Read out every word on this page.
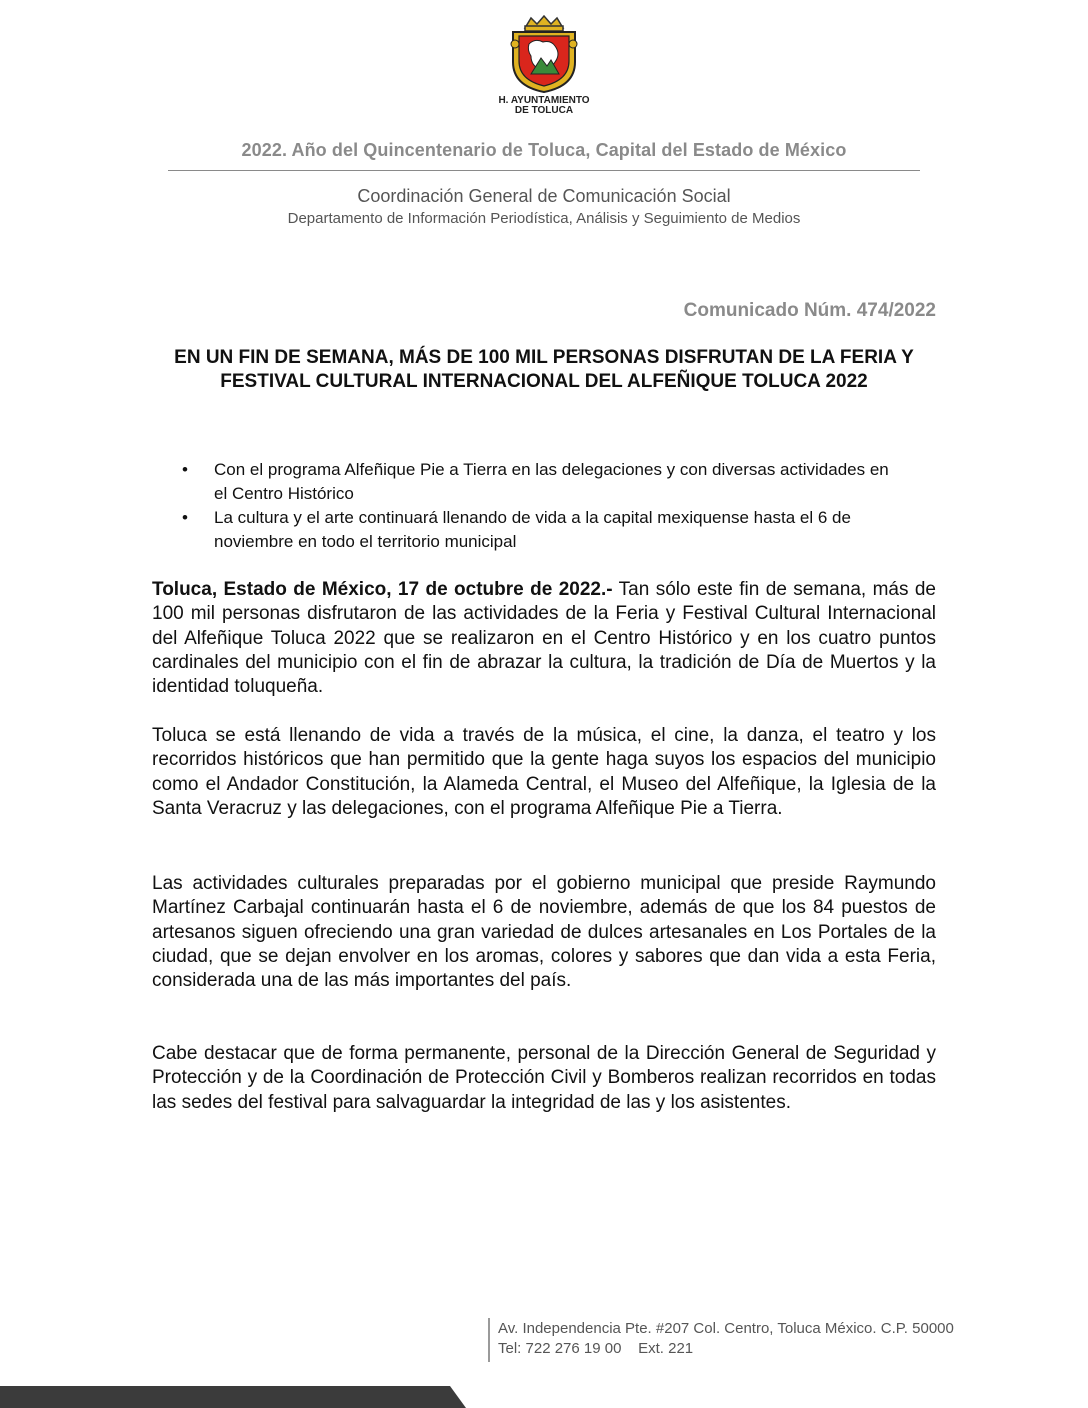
H. AYUNTAMIENTO
DE TOLUCA
2022. Año del Quincentenario de Toluca, Capital del Estado de México
Coordinación General de Comunicación Social
Departamento de Información Periodística, Análisis y Seguimiento de Medios
Comunicado Núm. 474/2022
EN UN FIN DE SEMANA, MÁS DE 100 MIL PERSONAS DISFRUTAN DE LA FERIA Y FESTIVAL CULTURAL INTERNACIONAL DEL ALFEÑIQUE TOLUCA 2022
• Con el programa Alfeñique Pie a Tierra en las delegaciones y con diversas actividades en el Centro Histórico
• La cultura y el arte continuará llenando de vida a la capital mexiquense hasta el 6 de noviembre en todo el territorio municipal

Toluca, Estado de México, 17 de octubre de 2022.- Tan sólo este fin de semana, más de 100 mil personas disfrutaron de las actividades de la Feria y Festival Cultural Internacional del Alfeñique Toluca 2022 que se realizaron en el Centro Histórico y en los cuatro puntos cardinales del municipio con el fin de abrazar la cultura, la tradición de Día de Muertos y la identidad toluqueña.

Toluca se está llenando de vida a través de la música, el cine, la danza, el teatro y los recorridos históricos que han permitido que la gente haga suyos los espacios del municipio como el Andador Constitución, la Alameda Central, el Museo del Alfeñique, la Iglesia de la Santa Veracruz y las delegaciones, con el programa Alfeñique Pie a Tierra.

Las actividades culturales preparadas por el gobierno municipal que preside Raymundo Martínez Carbajal continuarán hasta el 6 de noviembre, además de que los 84 puestos de artesanos siguen ofreciendo una gran variedad de dulces artesanales en Los Portales de la ciudad, que se dejan envolver en los aromas, colores y sabores que dan vida a esta Feria, considerada una de las más importantes del país.

Cabe destacar que de forma permanente, personal de la Dirección General de Seguridad y Protección y de la Coordinación de Protección Civil y Bomberos realizan recorridos en todas las sedes del festival para salvaguardar la integridad de las y los asistentes.

Av. Independencia Pte. #207 Col. Centro, Toluca México. C.P. 50000
Tel: 722 276 19 00    Ext. 221
